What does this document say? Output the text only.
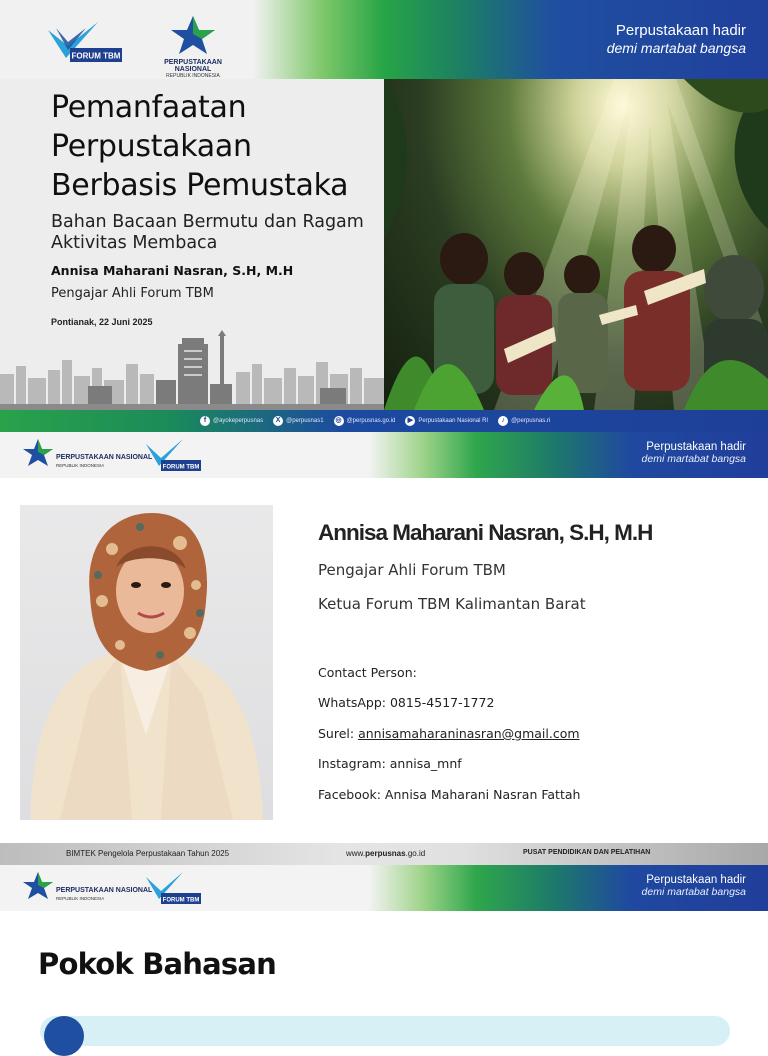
FORUM TBM
PERPUSTAKAAN NASIONAL
REPUBLIK INDONESIA
Perpustakaan hadir
demi martabat bangsa
Pemanfaatan
Perpustakaan
Berbasis Pemustaka
Bahan Bacaan Bermutu dan Ragam
Aktivitas Membaca
Annisa Maharani Nasran, S.H, M.H
Pengajar Ahli Forum TBM
Pontianak, 22 Juni 2025
f	@ayokeperpusnas	X @perpusnas1 ◎ @perpusnas.go.id	▶ Perpustakaan Nasional RI	♪	@perpusnas.ri
PERPUSTAKAAN NASIONAL
REPUBLIK INDONESIA	FORUM TBM
Perpustakaan hadir
demi martabat bangsa
Annisa Maharani Nasran, S.H, M.H
Pengajar Ahli Forum TBM
Ketua Forum TBM Kalimantan Barat
Contact Person:
WhatsApp: 0815-4517-1772
Surel: annisamaharaninasran@gmail.com
Instagram: annisa_mnf
Facebook: Annisa Maharani Nasran Fattah
BIMTEK Pengelola Perpustakaan Tahun 2025	www.perpusnas.go.id	PUSAT PENDIDIKAN DAN PELATIHAN
PERPUSTAKAAN NASIONAL
REPUBLIK INDONESIA	FORUM TBM
Perpustakaan hadir
demi martabat bangsa
Pokok Bahasan
